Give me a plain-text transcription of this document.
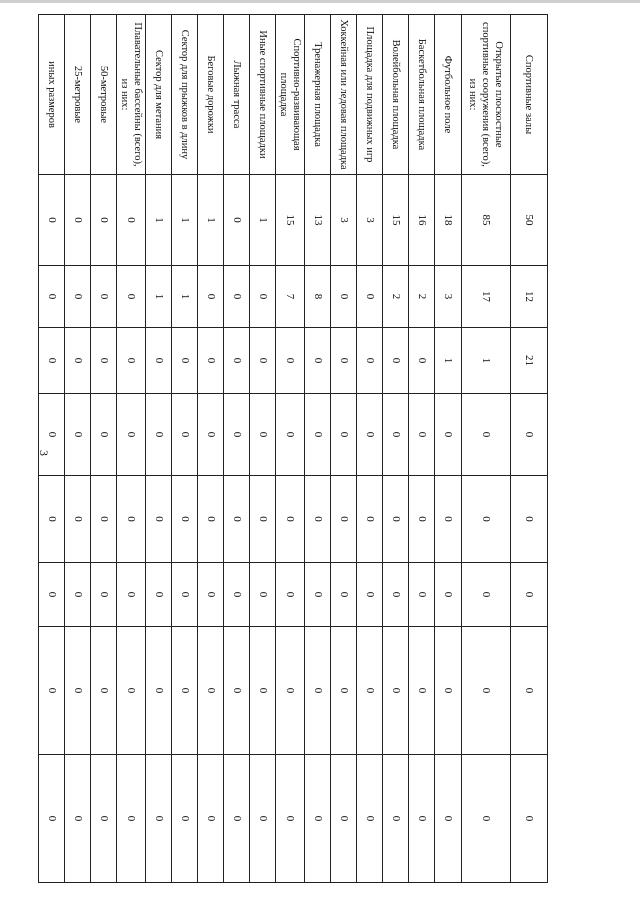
3
Спортивные залы	50	12	21	0	0	0	0	0
Открытые плоскостные спортивные сооружения (всего), из них:	85	17	1	0	0	0	0	0
Футбольное поле	18	3	1	0	0	0	0	0
Баскетбольная площадка	16	2	0	0	0	0	0	0
Волейбольная площадка	15	2	0	0	0	0	0	0
Площадка для подвижных игр	3	0	0	0	0	0	0	0
Хоккейная или ледовая площадка	3	0	0	0	0	0	0	0
Тренажерная площадка	13	8	0	0	0	0	0	0
Спортивно-развивающая площадка	15	7	0	0	0	0	0	0
Иные спортивные площадки	1	0	0	0	0	0	0	0
Лыжная трасса	0	0	0	0	0	0	0	0
Беговые дорожки	1	0	0	0	0	0	0	0
Сектор для прыжков в длину	1	1	0	0	0	0	0	0
Сектор для метания	1	1	0	0	0	0	0	0
Плавательные бассейны (всего), из них:	0	0	0	0	0	0	0	0
50-метровые	0	0	0	0	0	0	0	0
25-метровые	0	0	0	0	0	0	0	0
иных размеров	0	0	0	0	0	0	0	0
